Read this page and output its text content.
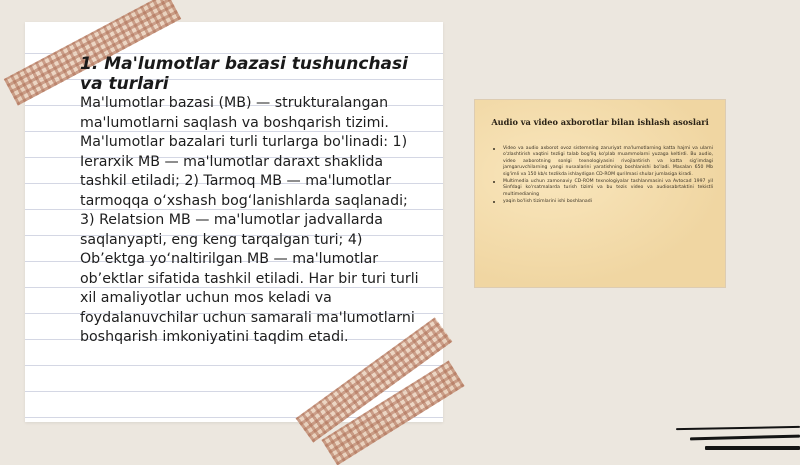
1. Ma'lumotlar bazasi tushunchasi va turlari

Ma'lumotlar bazasi (MB) — strukturalangan ma'lumotlarni saqlash va boshqarish tizimi. Ma'lumotlar bazalari turli turlarga bo'linadi: 1) Ierarxik MB — ma'lumotlar daraxt shaklida tashkil etiladi; 2) Tarmoq MB — ma'lumotlar tarmoqqa o‘xshash bog‘lanishlarda saqlanadi; 3) Relatsion MB — ma'lumotlar jadvallarda saqlanyapti, eng keng tarqalgan turi; 4) Ob’ektga yo‘naltirilgan MB — ma'lumotlar ob’ektlar sifatida tashkil etiladi. Har bir turi turli xil amaliyotlar uchun mos keladi va foydalanuvchilar uchun samarali ma'lumotlarni boshqarish imkoniyatini taqdim etadi.

Audio va video axborotlar bilan ishlash asoslari
Video va audio axborot ovoz sistemning zaruriyat ma'lumotlarning katta hajmi va ularni o'zlashtirish vaqtini tezligi talab bog'liq ko'plab muammolarni yuzaga keltirdi. Bu audio, video axborotning sonlgi texnologiyasini rivojlantirish va katta sig'imdagi jamgaruvchilarning yangi nusxalarini yaratishning boshlanishi bo'ladi. Masalan 650 Mb sig'imli va 150 kb/s tezlikda ishlaydigan CD-ROM qurilmasi shular jumlasiga kiradi.
Multimedia uchun zamonaviy CD-ROM texnologiyalar tashlanmasini va Avtocad 1997 yil Sinfdagi ko'rsatmalarda turish tizimi va bu tezis video va audiosabrtaktini tekistli multimedianing
yaqin bo'lish tizimlarini ishi boshlanadi
